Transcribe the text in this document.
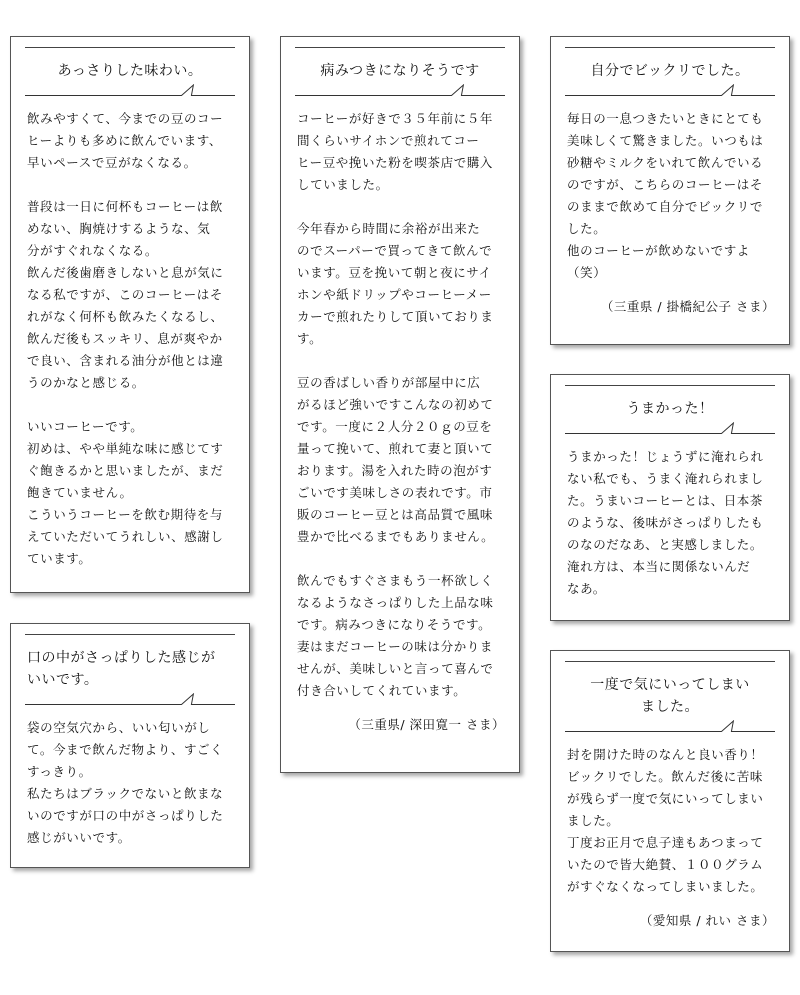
あっさりした味わい。
飲みやすくて、今までの豆のコー
ヒーよりも多めに飲んでいます、
早いペースで豆がなくなる。

普段は一日に何杯もコーヒーは飲
めない、胸焼けするような、気
分がすぐれなくなる。
飲んだ後歯磨きしないと息が気に
なる私ですが、このコーヒーはそ
れがなく何杯も飲みたくなるし、
飲んだ後もスッキリ、息が爽やか
で良い、含まれる油分が他とは違
うのかなと感じる。

いいコーヒーです。
初めは、やや単純な味に感じてす
ぐ飽きるかと思いましたが、まだ
飽きていません。
こういうコーヒーを飲む期待を与
えていただいてうれしい、感謝し
ています。
口の中がさっぱりした感じが
いいです。
袋の空気穴から、いい匂いがし
て。今まで飲んだ物より、すごく
すっきり。
私たちはブラックでないと飲まな
いのですが口の中がさっぱりした
感じがいいです。
病みつきになりそうです
コーヒーが好きで３５年前に５年
間くらいサイホンで煎れてコー
ヒー豆や挽いた粉を喫茶店で購入
していました。

今年春から時間に余裕が出来た
のでスーパーで買ってきて飲んで
います。豆を挽いて朝と夜にサイ
ホンや紙ドリップやコーヒーメー
カーで煎れたりして頂いておりま
す。

豆の香ばしい香りが部屋中に広
がるほど強いですこんなの初めて
です。一度に２人分２０ｇの豆を
量って挽いて、煎れて妻と頂いて
おります。湯を入れた時の泡がす
ごいです美味しさの表れです。市
販のコーヒー豆とは高品質で風味
豊かで比べるまでもありません。

飲んでもすぐさまもう一杯欲しく
なるようなさっぱりした上品な味
です。病みつきになりそうです。
妻はまだコーヒーの味は分かりま
せんが、美味しいと言って喜んで
付き合いしてくれています。
（三重県/ 深田寛一 さま）
自分でビックリでした。
毎日の一息つきたいときにとても
美味しくて驚きました。いつもは
砂糖やミルクをいれて飲んでいる
のですが、こちらのコーヒーはそ
のままで飲めて自分でビックリで
した。
他のコーヒーが飲めないですよ
（笑）
（三重県 / 掛橋紀公子 さま）
うまかった！
うまかった！じょうずに淹れられ
ない私でも、うまく淹れられまし
た。うまいコーヒーとは、日本茶
のような、後味がさっぱりしたも
のなのだなあ、と実感しました。
淹れ方は、本当に関係ないんだ
なあ。
一度で気にいってしまい
ました。
封を開けた時のなんと良い香り！
ビックリでした。飲んだ後に苦味
が残らず一度で気にいってしまい
ました。
丁度お正月で息子達もあつまって
いたので皆大絶賛、１００グラム
がすぐなくなってしまいました。
（愛知県 / れい さま）
